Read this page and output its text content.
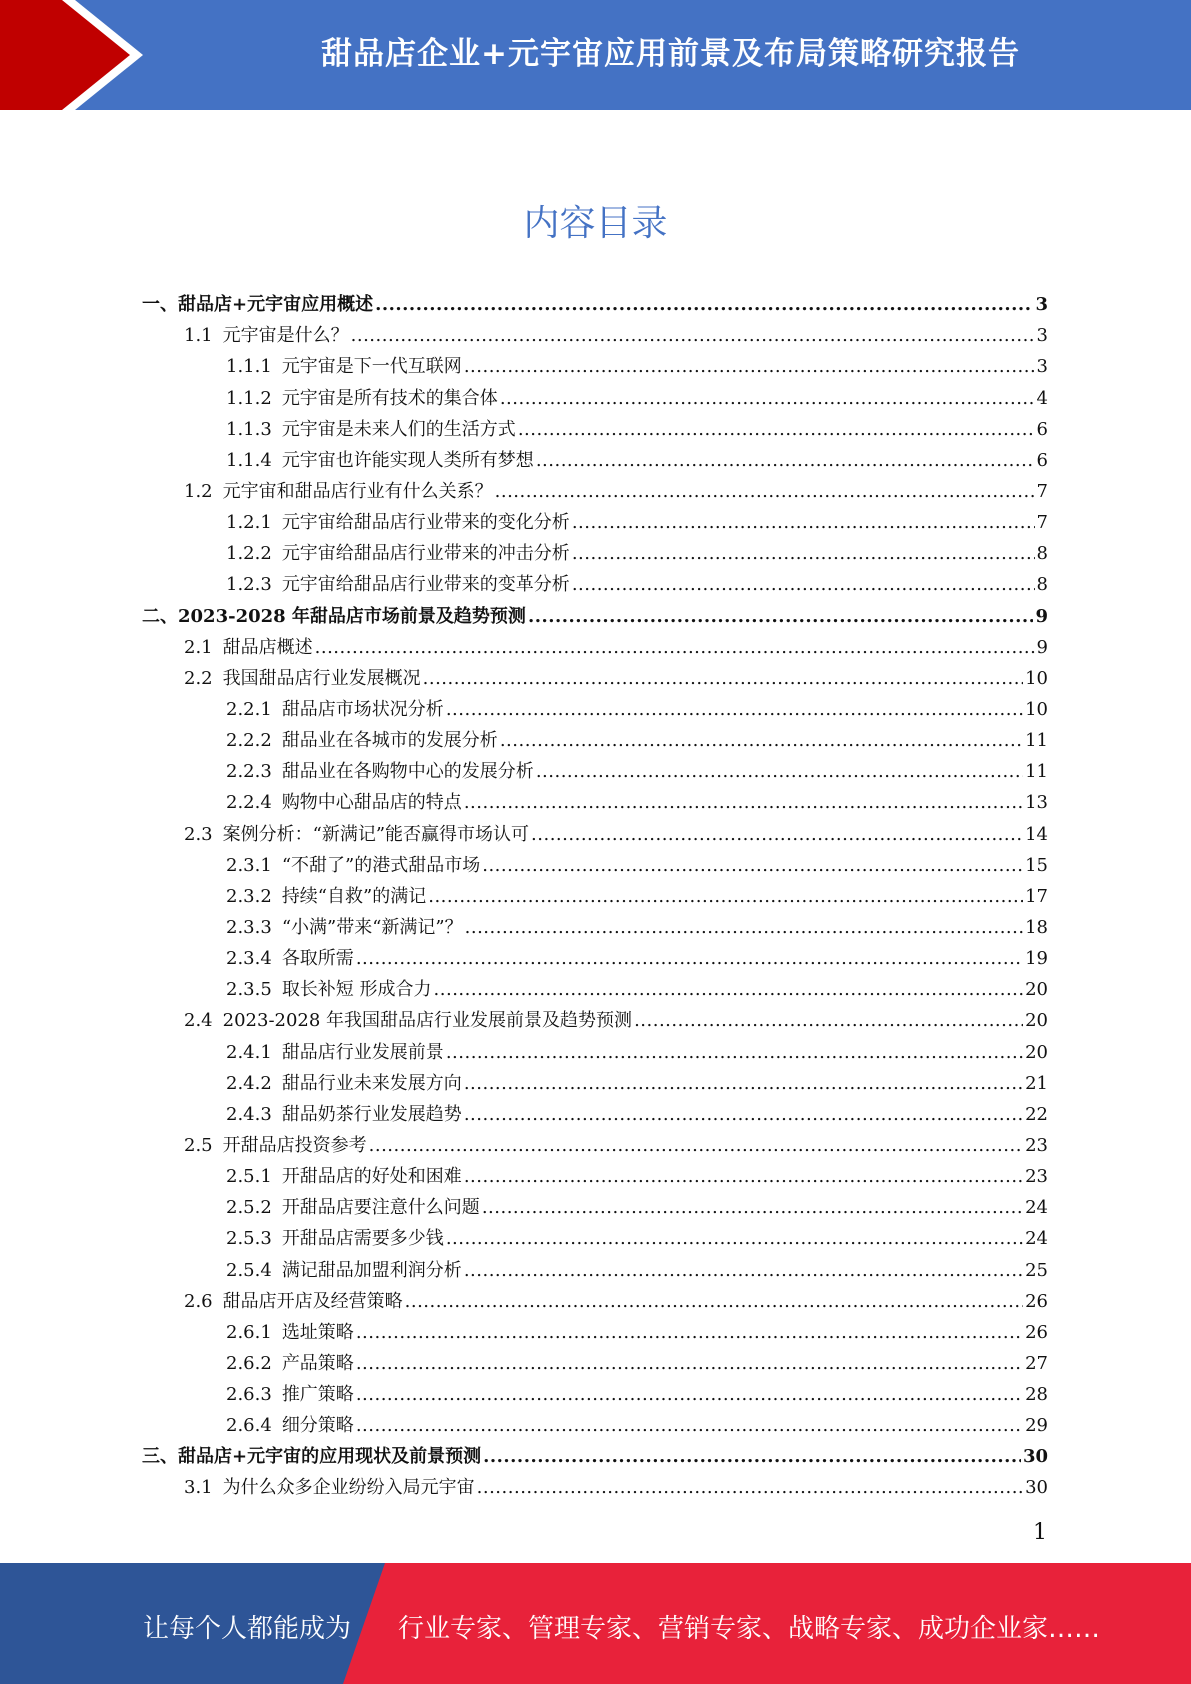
甜品店企业+元宇宙应用前景及布局策略研究报告
内容目录
一、 甜品店+元宇宙应用概述 .....	3
1.1 元宇宙是什么？ .....	3
1.1.1 元宇宙是下一代互联网 .....	3
1.1.2 元宇宙是所有技术的集合体 .....	4
1.1.3 元宇宙是未来人们的生活方式 .....	6
1.1.4 元宇宙也许能实现人类所有梦想 .....	6
1.2 元宇宙和甜品店行业有什么关系？ .....	7
1.2.1 元宇宙给甜品店行业带来的变化分析 .....	7
1.2.2 元宇宙给甜品店行业带来的冲击分析 .....	8
1.2.3 元宇宙给甜品店行业带来的变革分析 .....	8
二、 2023-2028 年甜品店市场前景及趋势预测 .....	9
2.1 甜品店概述 .....	9
2.2 我国甜品店行业发展概况 .....	10
2.2.1 甜品店市场状况分析 .....	10
2.2.2 甜品业在各城市的发展分析 .....	11
2.2.3 甜品业在各购物中心的发展分析 .....	11
2.2.4 购物中心甜品店的特点 .....	13
2.3 案例分析：“新满记”能否赢得市场认可 .....	14
2.3.1 “不甜了”的港式甜品市场 .....	15
2.3.2 持续“自救”的满记 .....	17
2.3.3 “小满”带来“新满记”？ .....	18
2.3.4 各取所需 .....	19
2.3.5 取长补短 形成合力 .....	20
2.4 2023-2028 年我国甜品店行业发展前景及趋势预测 .....	20
2.4.1 甜品店行业发展前景 .....	20
2.4.2 甜品行业未来发展方向 .....	21
2.4.3 甜品奶茶行业发展趋势 .....	22
2.5 开甜品店投资参考 .....	23
2.5.1 开甜品店的好处和困难 .....	23
2.5.2 开甜品店要注意什么问题 .....	24
2.5.3 开甜品店需要多少钱 .....	24
2.5.4 满记甜品加盟利润分析 .....	25
2.6 甜品店开店及经营策略 .....	26
2.6.1 选址策略 .....	26
2.6.2 产品策略 .....	27
2.6.3 推广策略 .....	28
2.6.4 细分策略 .....	29
三、 甜品店+元宇宙的应用现状及前景预测 .....	30
3.1 为什么众多企业纷纷入局元宇宙 .....	30
1
让每个人都能成为 行业专家、管理专家、营销专家、战略专家、成功企业家……
